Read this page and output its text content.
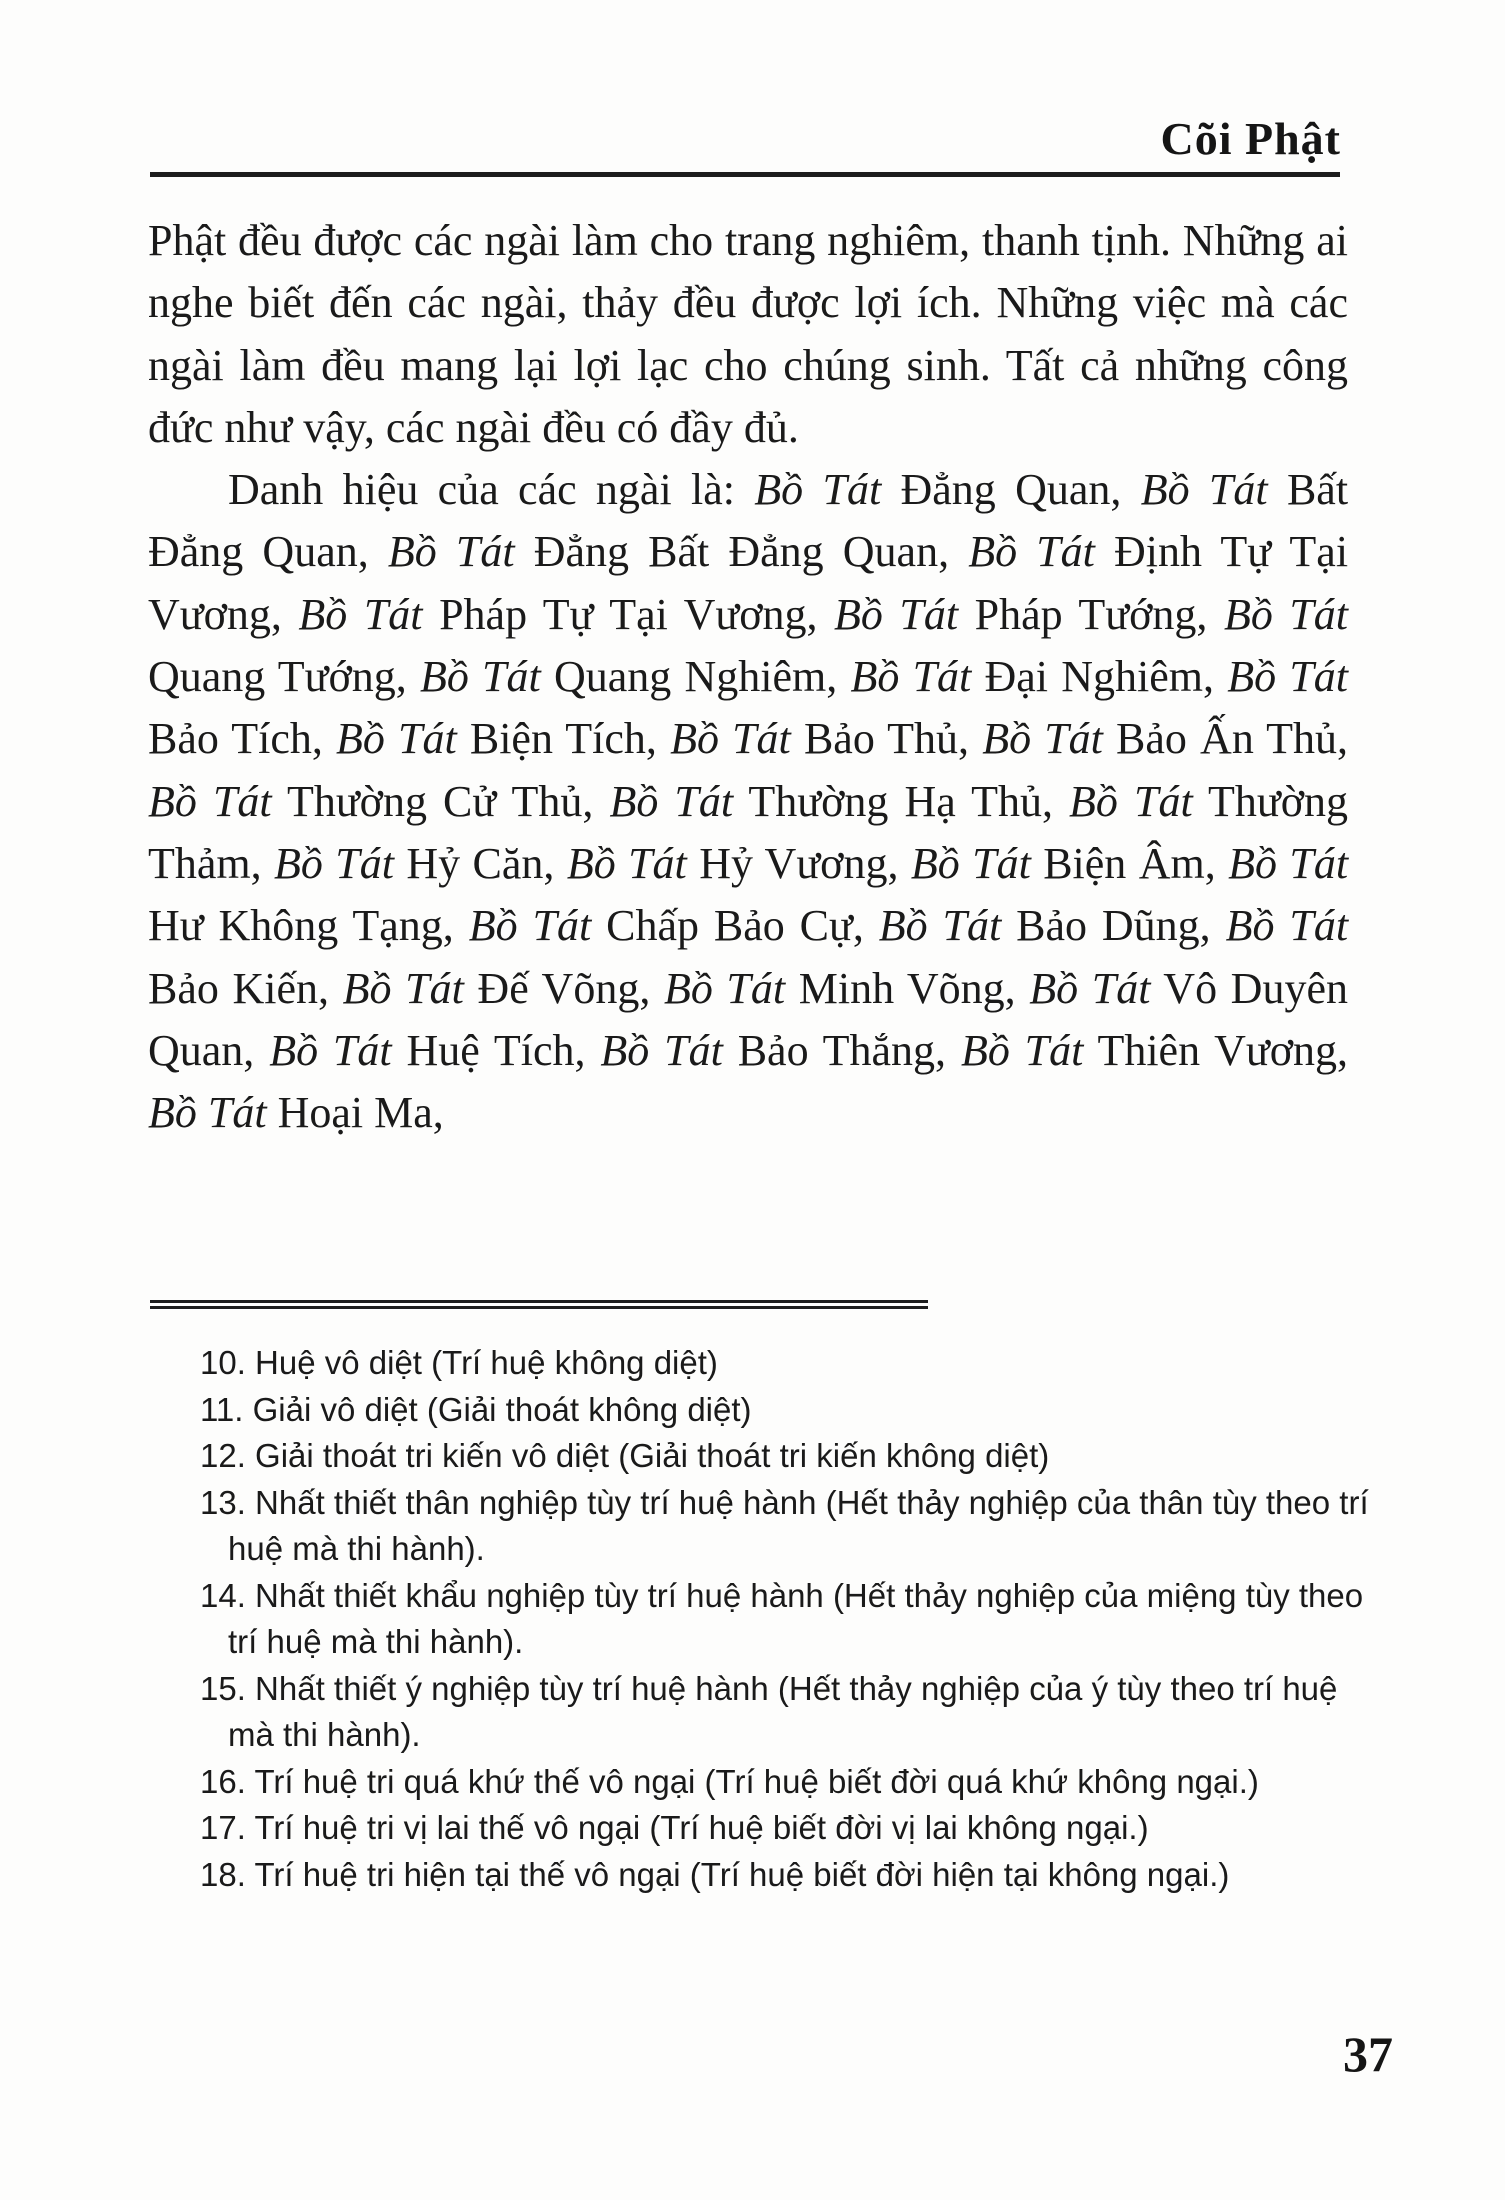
Cõi Phật

Phật đều được các ngài làm cho trang nghiêm, thanh tịnh. Những ai nghe biết đến các ngài, thảy đều được lợi ích. Những việc mà các ngài làm đều mang lại lợi lạc cho chúng sinh. Tất cả những công đức như vậy, các ngài đều có đầy đủ.

Danh hiệu của các ngài là: Bồ Tát Đẳng Quan, Bồ Tát Bất Đẳng Quan, Bồ Tát Đẳng Bất Đẳng Quan, Bồ Tát Định Tự Tại Vương, Bồ Tát Pháp Tự Tại Vương, Bồ Tát Pháp Tướng, Bồ Tát Quang Tướng, Bồ Tát Quang Nghiêm, Bồ Tát Đại Nghiêm, Bồ Tát Bảo Tích, Bồ Tát Biện Tích, Bồ Tát Bảo Thủ, Bồ Tát Bảo Ấn Thủ, Bồ Tát Thường Cử Thủ, Bồ Tát Thường Hạ Thủ, Bồ Tát Thường Thảm, Bồ Tát Hỷ Căn, Bồ Tát Hỷ Vương, Bồ Tát Biện Âm, Bồ Tát Hư Không Tạng, Bồ Tát Chấp Bảo Cự, Bồ Tát Bảo Dũng, Bồ Tát Bảo Kiến, Bồ Tát Đế Võng, Bồ Tát Minh Võng, Bồ Tát Vô Duyên Quan, Bồ Tát Huệ Tích, Bồ Tát Bảo Thắng, Bồ Tát Thiên Vương, Bồ Tát Hoại Ma,

10. Huệ vô diệt (Trí huệ không diệt)

11. Giải vô diệt (Giải thoát không diệt)

12. Giải thoát tri kiến vô diệt (Giải thoát tri kiến không diệt)

13. Nhất thiết thân nghiệp tùy trí huệ hành (Hết thảy nghiệp của thân tùy theo trí huệ mà thi hành).

14. Nhất thiết khẩu nghiệp tùy trí huệ hành (Hết thảy nghiệp của miệng tùy theo trí huệ mà thi hành).

15. Nhất thiết ý nghiệp tùy trí huệ hành (Hết thảy nghiệp của ý tùy theo trí huệ mà thi hành).

16. Trí huệ tri quá khứ thế vô ngại (Trí huệ biết đời quá khứ không ngại.)

17. Trí huệ tri vị lai thế vô ngại (Trí huệ biết đời vị lai không ngại.)

18. Trí huệ tri hiện tại thế vô ngại (Trí huệ biết đời hiện tại không ngại.)

37
